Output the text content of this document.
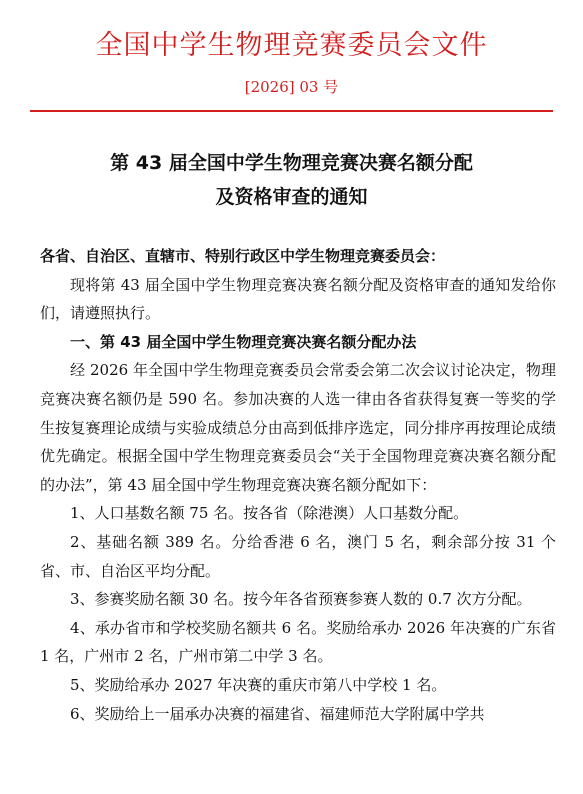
全国中学生物理竞赛委员会文件
[2026] 03 号
第 43 届全国中学生物理竞赛决赛名额分配
及资格审查的通知

各省、自治区、直辖市、特别行政区中学生物理竞赛委员会：

现将第 43 届全国中学生物理竞赛决赛名额分配及资格审查的通知发给你们，请遵照执行。

一、第 43 届全国中学生物理竞赛决赛名额分配办法

经 2026 年全国中学生物理竞赛委员会常委会第二次会议讨论决定，物理竞赛决赛名额仍是 590 名。参加决赛的人选一律由各省获得复赛一等奖的学生按复赛理论成绩与实验成绩总分由高到低排序选定，同分排序再按理论成绩优先确定。根据全国中学生物理竞赛委员会“关于全国物理竞赛决赛名额分配的办法”，第 43 届全国中学生物理竞赛决赛名额分配如下：

1、人口基数名额 75 名。按各省（除港澳）人口基数分配。

2、基础名额 389 名。分给香港 6 名，澳门 5 名，剩余部分按 31 个省、市、自治区平均分配。

3、参赛奖励名额 30 名。按今年各省预赛参赛人数的 0.7 次方分配。

4、承办省市和学校奖励名额共 6 名。奖励给承办 2026 年决赛的广东省 1 名，广州市 2 名，广州市第二中学 3 名。

5、奖励给承办 2027 年决赛的重庆市第八中学校 1 名。

6、奖励给上一届承办决赛的福建省、福建师范大学附属中学共
